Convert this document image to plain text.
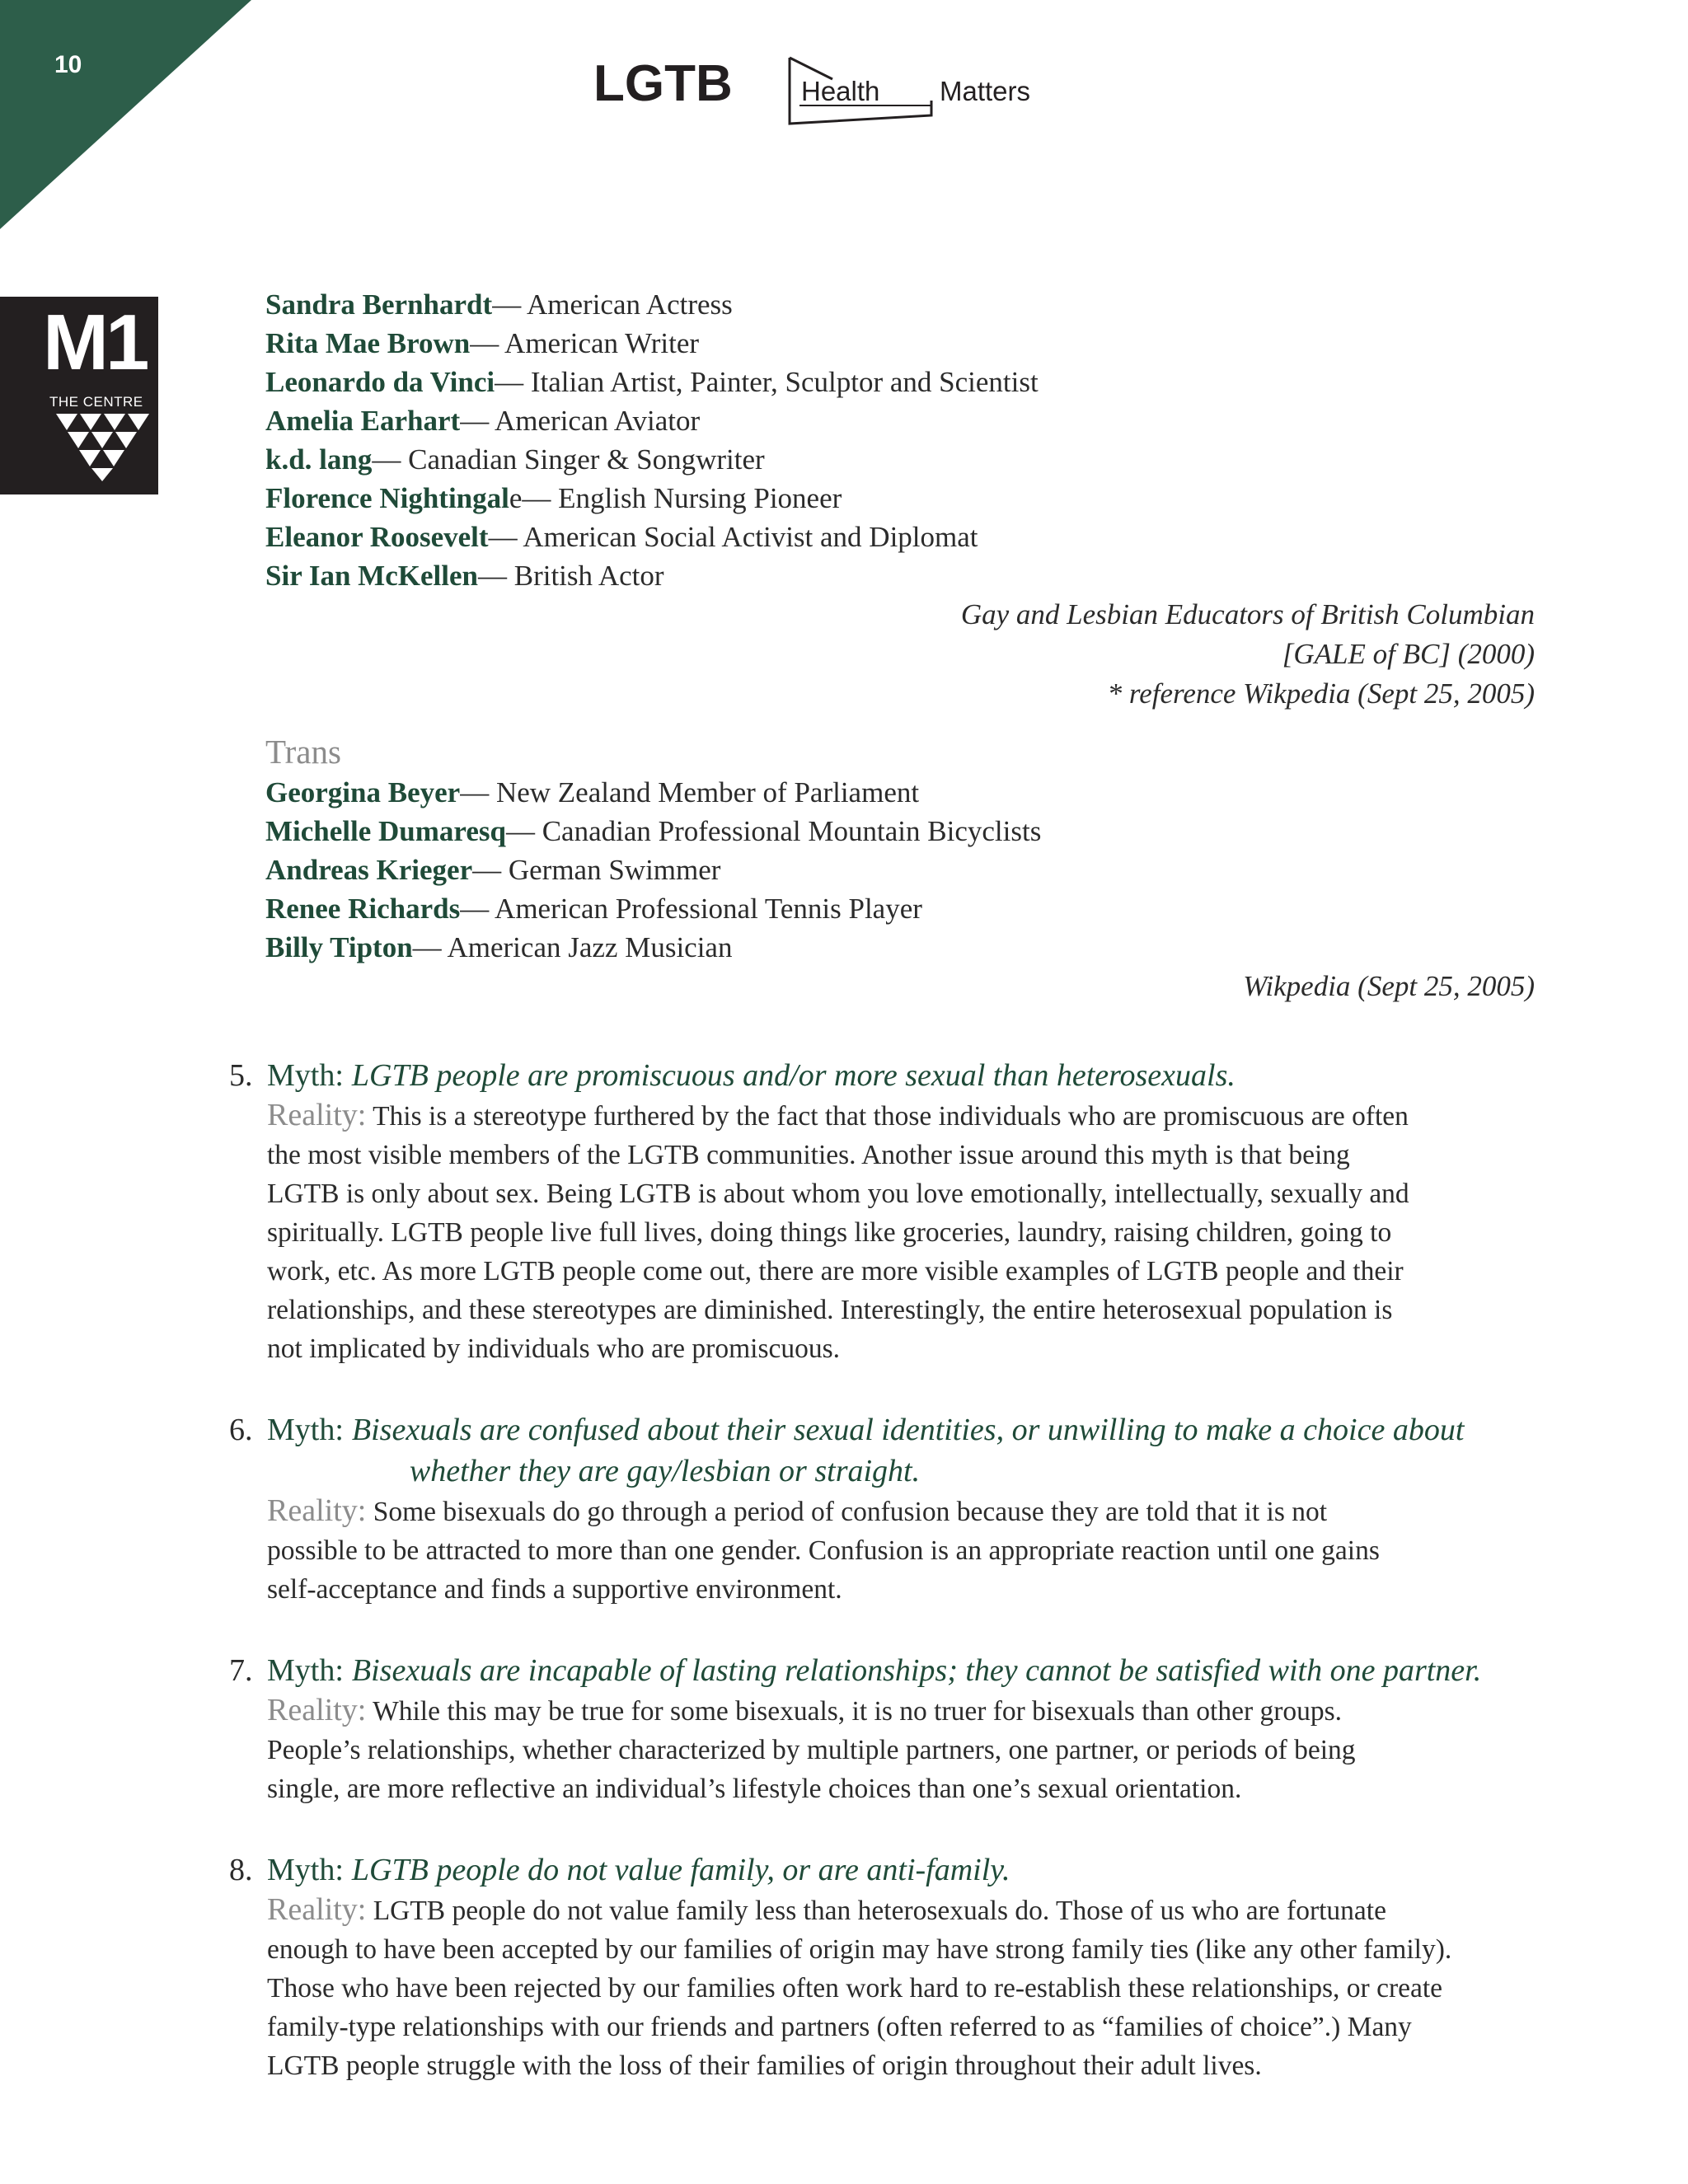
10	LGTB	Health Matters
M1
THE CENTRE
Sandra Bernhardt— American Actress
Rita Mae Brown— American Writer
Leonardo da Vinci— Italian Artist, Painter, Sculptor and Scientist
Amelia Earhart— American Aviator
k.d. lang— Canadian Singer & Songwriter
Florence Nightingale— English Nursing Pioneer
Eleanor Roosevelt— American Social Activist and Diplomat
Sir Ian McKellen— British Actor
Gay and Lesbian Educators of British Columbian
[GALE of BC] (2000)
* reference Wikpedia (Sept 25, 2005)
Trans
Georgina Beyer— New Zealand Member of Parliament
Michelle Dumaresq— Canadian Professional Mountain Bicyclists
Andreas Krieger— German Swimmer
Renee Richards— American Professional Tennis Player
Billy Tipton— American Jazz Musician
Wikpedia (Sept 25, 2005)
5. Myth: LGTB people are promiscuous and/or more sexual than heterosexuals.
Reality: This is a stereotype furthered by the fact that those individuals who are promiscuous are often
the most visible members of the LGTB communities. Another issue around this myth is that being
LGTB is only about sex. Being LGTB is about whom you love emotionally, intellectually, sexually and
spiritually. LGTB people live full lives, doing things like groceries, laundry, raising children, going to
work, etc. As more LGTB people come out, there are more visible examples of LGTB people and their
relationships, and these stereotypes are diminished. Interestingly, the entire heterosexual population is
not implicated by individuals who are promiscuous.
6. Myth: Bisexuals are confused about their sexual identities, or unwilling to make a choice about
whether they are gay/lesbian or straight.
Reality: Some bisexuals do go through a period of confusion because they are told that it is not
possible to be attracted to more than one gender. Confusion is an appropriate reaction until one gains
self-acceptance and finds a supportive environment.
7. Myth: Bisexuals are incapable of lasting relationships; they cannot be satisfied with one partner.
Reality: While this may be true for some bisexuals, it is no truer for bisexuals than other groups.
People’s relationships, whether characterized by multiple partners, one partner, or periods of being
single, are more reflective an individual’s lifestyle choices than one’s sexual orientation.
8. Myth: LGTB people do not value family, or are anti-family.
Reality: LGTB people do not value family less than heterosexuals do. Those of us who are fortunate
enough to have been accepted by our families of origin may have strong family ties (like any other family).
Those who have been rejected by our families often work hard to re-establish these relationships, or create
family-type relationships with our friends and partners (often referred to as “families of choice”.) Many
LGTB people struggle with the loss of their families of origin throughout their adult lives.
